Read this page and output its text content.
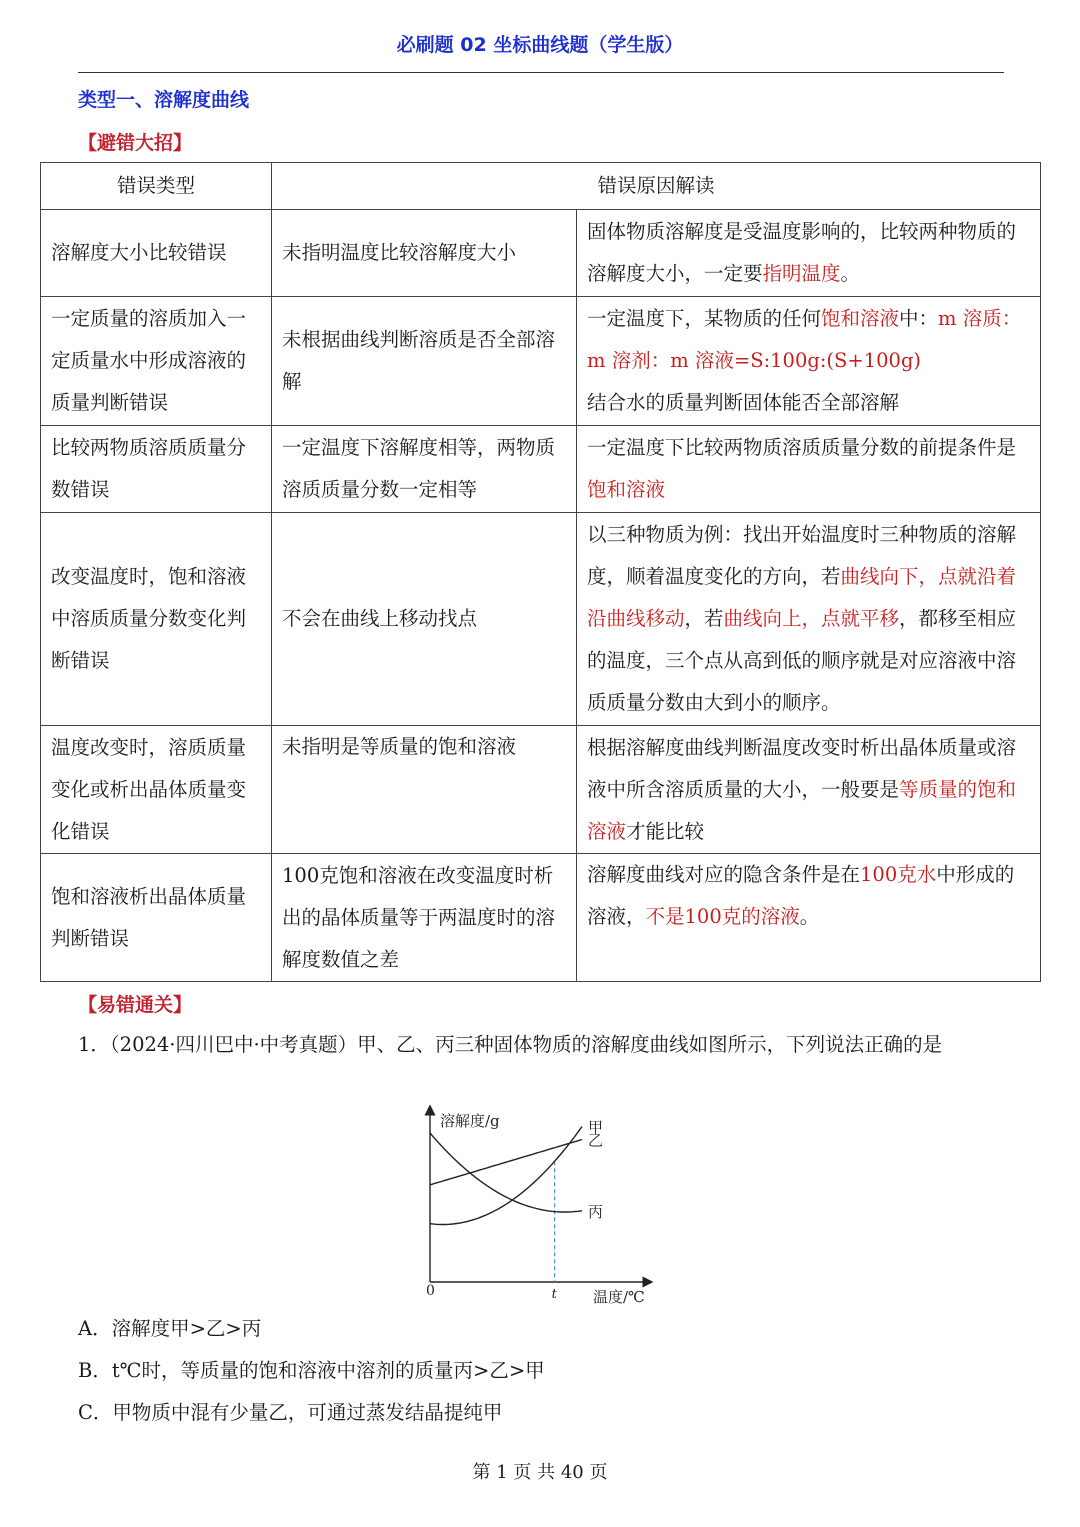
必刷题 02 坐标曲线题（学生版）
类型一、溶解度曲线
【避错大招】
错误类型	错误原因解读	
溶解度大小比较错误	未指明温度比较溶解度大小	固体物质溶解度是受温度影响的，比较两种物质的溶解度大小，一定要指明温度。
一定质量的溶质加入一定质量水中形成溶液的质量判断错误	未根据曲线判断溶质是否全部溶解	一定温度下，某物质的任何饱和溶液中：m 溶质：m 溶剂：m 溶液=S:100g:(S+100g)
结合水的质量判断固体能否全部溶解
比较两物质溶质质量分数错误	一定温度下溶解度相等，两物质溶质质量分数一定相等	一定温度下比较两物质溶质质量分数的前提条件是饱和溶液
改变温度时，饱和溶液中溶质质量分数变化判断错误	不会在曲线上移动找点	以三种物质为例：找出开始温度时三种物质的溶解度，顺着温度变化的方向，若曲线向下，点就沿着沿曲线移动，若曲线向上，点就平移，都移至相应的温度，三个点从高到低的顺序就是对应溶液中溶质质量分数由大到小的顺序。
温度改变时，溶质质量变化或析出晶体质量变化错误	未指明是等质量的饱和溶液	根据溶解度曲线判断温度改变时析出晶体质量或溶液中所含溶质质量的大小，一般要是等质量的饱和溶液才能比较
饱和溶液析出晶体质量判断错误	100克饱和溶液在改变温度时析出的晶体质量等于两温度时的溶解度数值之差	溶解度曲线对应的隐含条件是在100克水中形成的溶液，不是100克的溶液。
【易错通关】
1．（2024·四川巴中·中考真题）甲、乙、丙三种固体物质的溶解度曲线如图所示，下列说法正确的是
溶解度/g
温度/℃
0	t
甲
乙
丙
A．溶解度甲>乙>丙
B．t℃时，等质量的饱和溶液中溶剂的质量丙>乙>甲
C．甲物质中混有少量乙，可通过蒸发结晶提纯甲
第 1 页 共 40 页
